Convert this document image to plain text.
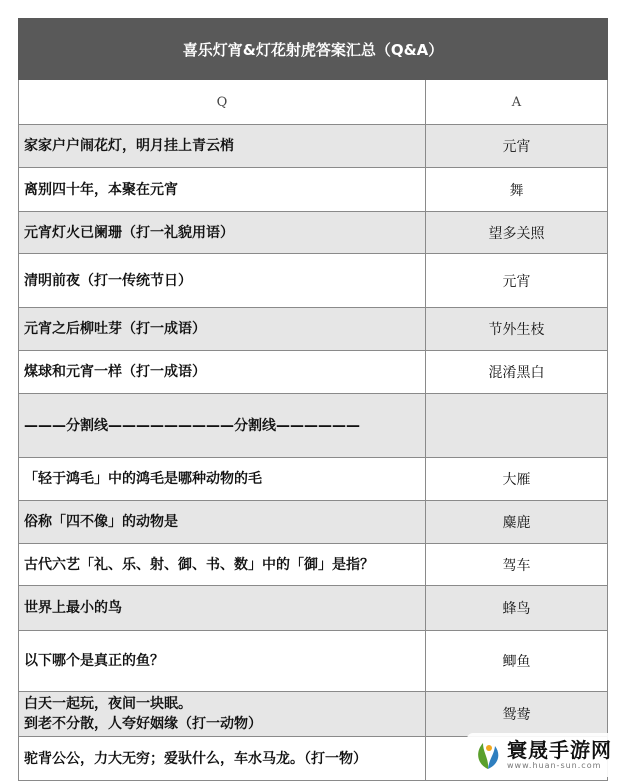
喜乐灯宵&灯花射虎答案汇总（Q&A）	
Q	A
家家户户闹花灯，明月挂上青云梢	元宵
离别四十年，本聚在元宵	舞
元宵灯火已阑珊（打一礼貌用语）	望多关照
清明前夜（打一传统节日）	元宵
元宵之后柳吐芽（打一成语）	节外生枝
煤球和元宵一样（打一成语）	混淆黑白
———分割线—————————分割线——————	
「轻于鸿毛」中的鸿毛是哪种动物的毛	大雁
俗称「四不像」的动物是	麋鹿
古代六艺「礼、乐、射、御、书、数」中的「御」是指？	驾车
世界上最小的鸟	蜂鸟
以下哪个是真正的鱼？	鲫鱼
白天一起玩，夜间一块眠。
到老不分散，人夸好姻缘（打一动物）	鸳鸯
驼背公公，力大无穷；爱驮什么，车水马龙。（打一物）		寰晟手游网
www.huan-sun.com
